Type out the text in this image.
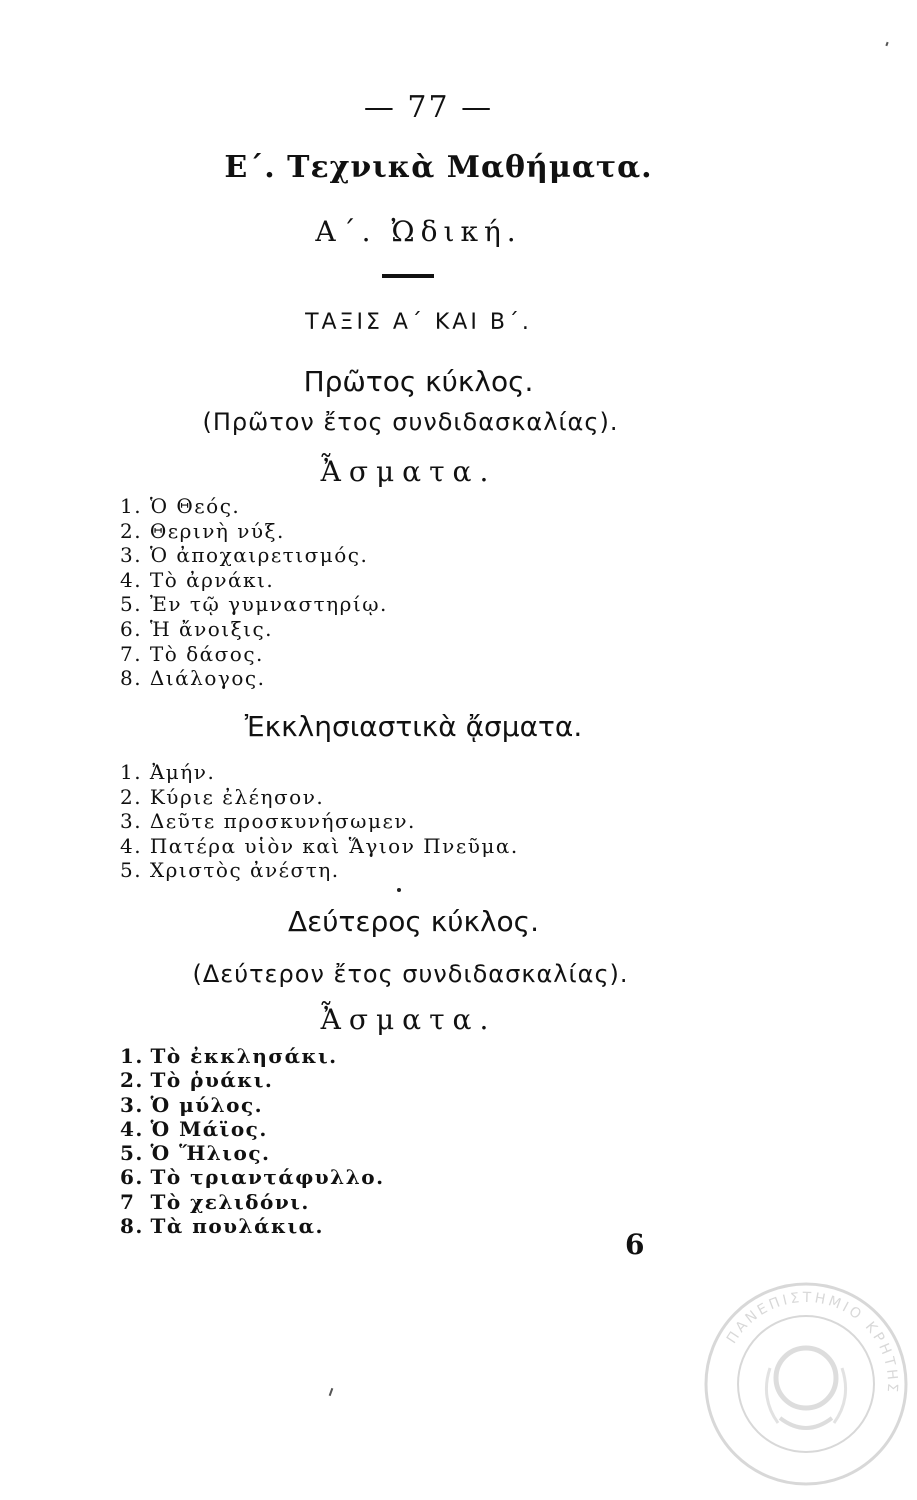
— 77 —
Ε΄. Τεχνικὰ Μαθήματα.
Α΄. Ὠδική.
ΤΑΞΙΣ Α΄ ΚΑΙ Β΄.
Πρῶτος κύκλος.
(Πρῶτον ἔτος συνδιδασκαλίας).
Ἆσματα.
1. Ὁ Θεός.
2. Θερινὴ νύξ.
3. Ὁ ἀποχαιρετισμός.
4. Τὸ ἀρνάκι.
5. Ἐν τῷ γυμναστηρίῳ.
6. Ἡ ἄνοιξις.
7. Τὸ δάσος.
8. Διάλογος.
Ἐκκλησιαστικὰ ᾄσματα.
1. Ἀμήν.
2. Κύριε ἐλέησον.
3. Δεῦτε προσκυνήσωμεν.
4. Πατέρα υἱὸν καὶ Ἅγιον Πνεῦμα.
5. Χριστὸς ἀνέστη.
Δεύτερος κύκλος.
(Δεύτερον ἔτος συνδιδασκαλίας).
Ἆσματα.
1. Τὸ ἐκκλησάκι.
2. Τὸ ῥυάκι.
3. Ὁ μύλος.
4. Ὁ Μάϊος.
5. Ὁ Ἥλιος.
6. Τὸ τριαντάφυλλο.
7 Τὸ χελιδόνι.
8. Τὰ πουλάκια.
6
ΠΑΝΕΠΙΣΤΗΜΙΟ ΚΡΗΤΗΣ
